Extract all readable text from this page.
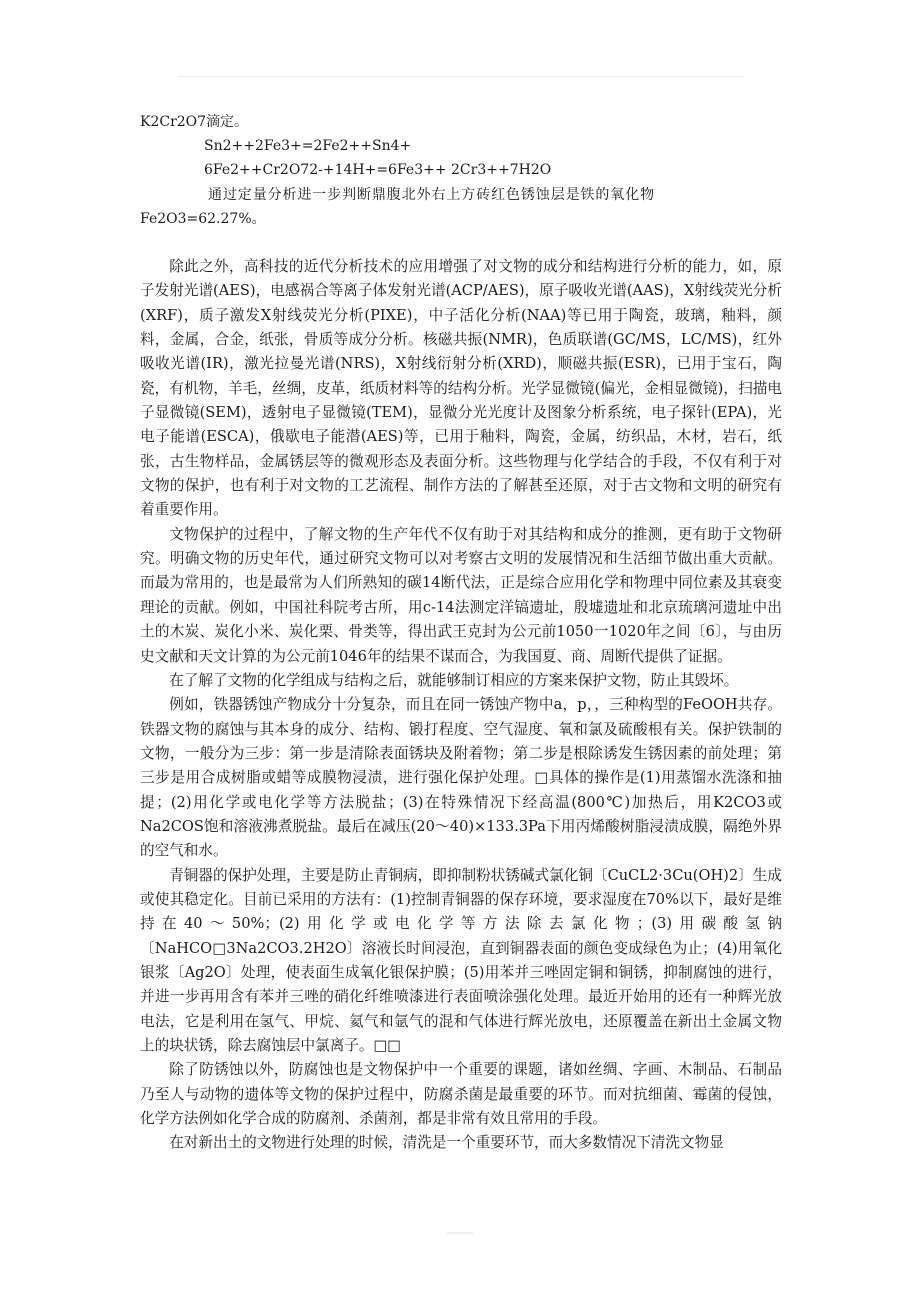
K2Cr2O7滴定。
Sn2++2Fe3+=2Fe2++Sn4+
6Fe2++Cr2O72-+14H+=6Fe3++ 2Cr3++7H2O
通过定量分析进一步判断鼎腹北外右上方砖红色锈蚀层是铁的氧化物
Fe2O3=62.27%。

除此之外，高科技的近代分析技术的应用增强了对文物的成分和结构进行分析的能力，如，原子发射光谱(AES)，电感祸合等离子体发射光谱(ACP/AES)，原子吸收光谱(AAS)，X射线荧光分析(XRF)，质子激发X射线荧光分析(PIXE)，中子活化分析(NAA)等已用于陶瓷，玻璃，釉料，颜料，金属，合金，纸张，骨质等成分分析。核磁共振(NMR)，色质联谱(GC/MS，LC/MS)，红外吸收光谱(IR)，激光拉曼光谱(NRS)，X射线衍射分析(XRD)，顺磁共振(ESR)，已用于宝石，陶瓷，有机物，羊毛，丝绸，皮革，纸质材料等的结构分析。光学显微镜(偏光，金相显微镜)，扫描电子显微镜(SEM)，透射电子显微镜(TEM)，显微分光光度计及图象分析系统，电子探针(EPA)，光电子能谱(ESCA)，俄歇电子能潜(AES)等，已用于釉料，陶瓷，金属，纺织品，木材，岩石，纸张，古生物样品，金属锈层等的微观形态及表面分析。这些物理与化学结合的手段，不仅有利于对文物的保护，也有利于对文物的工艺流程、制作方法的了解甚至还原，对于古文物和文明的研究有着重要作用。

文物保护的过程中，了解文物的生产年代不仅有助于对其结构和成分的推测，更有助于文物研究。明确文物的历史年代，通过研究文物可以对考察古文明的发展情况和生活细节做出重大贡献。而最为常用的，也是最常为人们所熟知的碳14断代法，正是综合应用化学和物理中同位素及其衰变理论的贡献。例如，中国社科院考古所，用c-14法测定洋镐遗址，殷墟遗址和北京琉璃河遗址中出土的木炭、炭化小米、炭化栗、骨类等，得出武王克封为公元前1050一1020年之间〔6〕，与由历史文献和天文计算的为公元前1046年的结果不谋而合，为我国夏、商、周断代提供了证据。

在了解了文物的化学组成与结构之后，就能够制订相应的方案来保护文物，防止其毁坏。

例如，铁器锈蚀产物成分十分复杂，而且在同一锈蚀产物中a，p，，三种构型的FeOOH共存。铁器文物的腐蚀与其本身的成分、结构、锻打程度、空气湿度、氧和氯及硫酸根有关。保护铁制的文物，一般分为三步：第一步是清除表面锈块及附着物；第二步是根除诱发生锈因素的前处理；第三步是用合成树脂或蜡等成膜物浸渍，进行强化保护处理。□具体的操作是(1)用蒸馏水洗涤和抽提；(2)用化学或电化学等方法脱盐；(3)在特殊情况下经高温(800℃)加热后，用K2CO3或Na2COS饱和溶液沸煮脱盐。最后在减压(20～40)×133.3Pa下用丙烯酸树脂浸渍成膜，隔绝外界的空气和水。

青铜器的保护处理，主要是防止青铜病，即抑制粉状锈碱式氯化铜〔CuCL2·3Cu(OH)2〕生成或使其稳定化。目前已采用的方法有：(1)控制青铜器的保存环境，要求湿度在70%以下，最好是维持在40～50%；(2)用化学或电化学等方法除去氯化物；(3)用碳酸氢钠〔NaHCO□3Na2CO3.2H2O〕溶液长时间浸泡，直到铜器表面的颜色变成绿色为止；(4)用氧化银浆〔Ag2O〕处理，使表面生成氧化银保护膜；(5)用苯并三唑固定铜和铜锈，抑制腐蚀的进行，并进一步再用含有苯并三唑的硝化纤维喷漆进行表面喷涂强化处理。最近开始用的还有一种辉光放电法，它是利用在氢气、甲烷、氦气和氩气的混和气体进行辉光放电，还原覆盖在新出土金属文物上的块状锈，除去腐蚀层中氯离子。□□

除了防锈蚀以外，防腐蚀也是文物保护中一个重要的课题，诸如丝绸、字画、木制品、石制品乃至人与动物的遗体等文物的保护过程中，防腐杀菌是最重要的环节。而对抗细菌、霉菌的侵蚀，化学方法例如化学合成的防腐剂、杀菌剂，都是非常有效且常用的手段。

在对新出土的文物进行处理的时候，清洗是一个重要环节，而大多数情况下清洗文物显
